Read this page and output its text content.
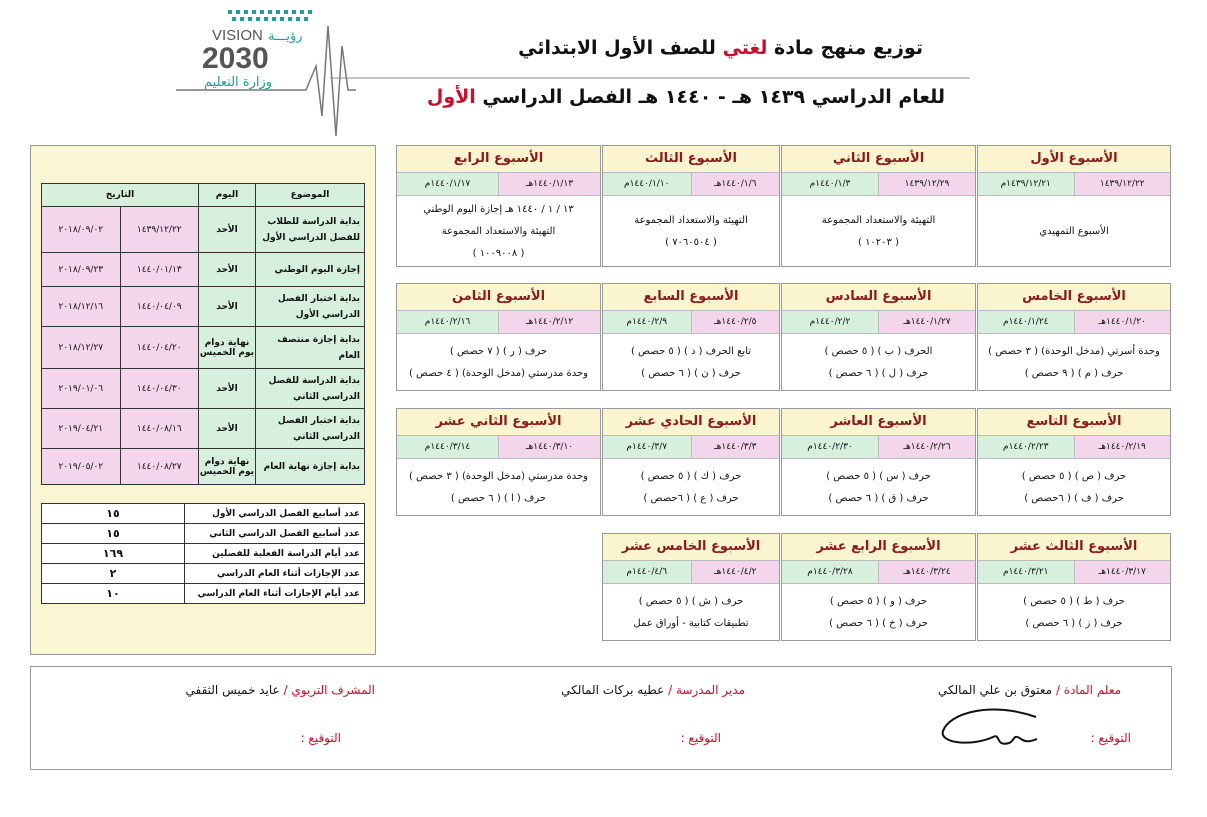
VISION رؤيـــة
2030
وزارة التعليم
توزيع منهج مادة لغتي للصف الأول الابتدائي
للعام الدراسي ١٤٣٩ هـ - ١٤٤٠ هـ الفصل الدراسي الأول
الأسبوع الأول
١٤٣٩/١٢/٢٢
١٤٣٩/١٢/٢١م
الأسبوع التمهيدي
الأسبوع الثاني
١٤٣٩/١٢/٢٩
١٤٤٠/١/٣م
التهيئة والاستعداد المجموعة
( ١٠٢٠٣ )
الأسبوع الثالث
١٤٤٠/١/٦هـ
١٤٤٠/١/١٠م
التهيئة والاستعداد المجموعة
( ٧٠٦٠٥٠٤ )
الأسبوع الرابع
١٤٤٠/١/١٣هـ
١٤٤٠/١/١٧م
١٣ / ١ / ١٤٤٠ هـ إجازة اليوم الوطني
التهيئة والاستعداد المجموعة
( ١٠٠٩٠٠٨ )
الأسبوع الخامس
١٤٤٠/١/٢٠هـ
١٤٤٠/١/٢٤م
وحدة أسرتي (مدخل الوحدة) ( ٣ حصص )
حرف ( م ) ( ٩ حصص )
الأسبوع السادس
١٤٤٠/١/٢٧هـ
١٤٤٠/٢/٢م
الحرف ( ب ) ( ٥ حصص )
حرف ( ل ) ( ٦ حصص )
الأسبوع السابع
١٤٤٠/٢/٥هـ
١٤٤٠/٢/٩م
تابع الحرف ( د ) ( ٥ حصص )
حرف ( ن ) ( ٦ حصص )
الأسبوع الثامن
١٤٤٠/٢/١٢هـ
١٤٤٠/٢/١٦م
حرف ( ر ) ( ٧ حصص )
وحدة مدرستي (مدخل الوحدة) ( ٤ حصص )
الأسبوع التاسع
١٤٤٠/٢/١٩هـ
١٤٤٠/٢/٢٣م
حرف ( ص ) ( ٥ حصص )
حرف ( ف ) ( ٦حصص )
الأسبوع العاشر
١٤٤٠/٢/٢٦هـ
١٤٤٠/٢/٣٠م
حرف ( س ) ( ٥ حصص )
حرف ( ق ) ( ٦ حصص )
الأسبوع الحادي عشر
١٤٤٠/٣/٣هـ
١٤٤٠/٣/٧م
حرف ( ك ) ( ٥ حصص )
حرف ( ع ) ( ٦حصص )
الأسبوع الثاني عشر
١٤٤٠/٣/١٠هـ
١٤٤٠/٣/١٤م
وحدة مدرستي (مدخل الوحدة) ( ٣ حصص )
حرف ( ا ) ( ٦ حصص )
الأسبوع الثالث عشر
١٤٤٠/٣/١٧هـ
١٤٤٠/٣/٢١م
حرف ( ط ) ( ٥ حصص )
حرف ( ز ) ( ٦ حصص )
الأسبوع الرابع عشر
١٤٤٠/٣/٢٤هـ
١٤٤٠/٣/٢٨م
حرف ( و ) ( ٥ حصص )
حرف ( خ ) ( ٦ حصص )
الأسبوع الخامس عشر
١٤٤٠/٤/٢هـ
١٤٤٠/٤/٦م
حرف ( ش ) ( ٥ حصص )
تطبيقات كتابية - أوراق عمل
الموضوع	اليوم	التاريخ	
بداية الدراسة للطلاب للفصل الدراسي الأول	الأحد	١٤٣٩/١٢/٢٢	٢٠١٨/٠٩/٠٢
إجازة اليوم الوطني	الأحد	١٤٤٠/٠١/١٣	٢٠١٨/٠٩/٢٣
بداية اختبار الفصل الدراسي الأول	الأحد	١٤٤٠/٠٤/٠٩	٢٠١٨/١٢/١٦
بداية إجازة منتصف العام	نهاية دوام يوم الخميس	١٤٤٠/٠٤/٢٠	٢٠١٨/١٢/٢٧
بداية الدراسة للفصل الدراسي الثاني	الأحد	١٤٤٠/٠٤/٣٠	٢٠١٩/٠١/٠٦
بداية اختبار الفصل الدراسي الثاني	الأحد	١٤٤٠/٠٨/١٦	٢٠١٩/٠٤/٢١
بداية إجازة نهاية العام	نهاية دوام يوم الخميس	١٤٤٠/٠٨/٢٧	٢٠١٩/٠٥/٠٢
عدد أسابيع الفصل الدراسي الأول	١٥
عدد أسابيع الفصل الدراسي الثاني	١٥
عدد أيام الدراسة الفعلية للفصلين	١٦٩
عدد الإجازات أثناء العام الدراسي	٢
عدد أيام الإجازات أثناء العام الدراسي	١٠
معلم المادة / معتوق بن علي المالكي
مدير المدرسة / عطيه بركات المالكي
المشرف التربوي / عايد خميس الثقفي
التوقيع :
التوقيع :
التوقيع :
